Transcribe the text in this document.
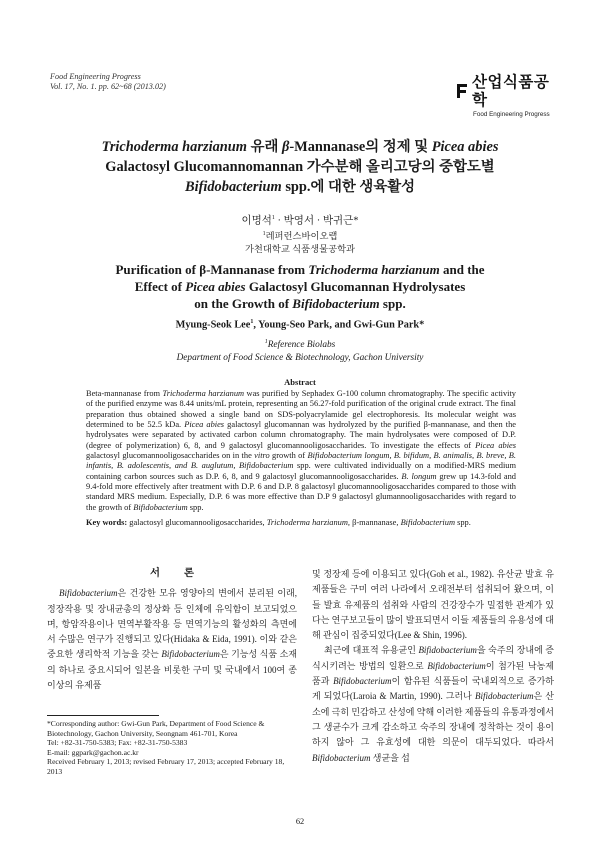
Food Engineering Progress
Vol. 17, No. 1. pp. 62~68 (2013.02)	산업식품공학
Food Engineering Progress
Trichoderma harzianum 유래 β-Mannanase의 정제 및 Picea abies
Galactosyl Glucomannomannan 가수분해 올리고당의 중합도별
Bifidobacterium spp.에 대한 생육활성
이명석$^1$ · 박영서 · 박귀근*
$^1$레퍼런스바이오랩
가천대학교 식품생물공학과
Purification of β-Mannanase from Trichoderma harzianum and the
Effect of Picea abies Galactosyl Glucomannan Hydrolysates
on the Growth of Bifidobacterium spp.
Myung-Seok Lee$^1$, Young-Seo Park, and Gwi-Gun Park*
$^1$Reference Biolabs
Department of Food Science & Biotechnology, Gachon University
Abstract
Beta-mannanase from Trichoderma harzianum was purified by Sephadex G-100 column chromatography. The specific activity of the purified enzyme was 8.44 units/mL protein, representing an 56.27-fold purification of the original crude extract. The final preparation thus obtained showed a single band on SDS-polyacrylamide gel electrophoresis. Its molecular weight was determined to be 52.5 kDa. Picea abies galactosyl glucomannan was hydrolyzed by the purified β-mannanase, and then the hydrolysates were separated by activated carbon column chromatography. The main hydrolysates were composed of D.P. (degree of polymerization) 6, 8, and 9 galactosyl glucomannooligosaccharides. To investigate the effects of Picea abies galactosyl glucomannooligosaccharides on in the vitro growth of Bifidobacterium longum, B. bifidum, B. animalis, B. breve, B. infantis, B. adolescentis, and B. auglutum, Bifidobacterium spp. were cultivated individually on a modified-MRS medium containing carbon sources such as D.P. 6, 8, and 9 galactosyl glucomannooligosaccharides. B. longum grew up 14.3-fold and 9.4-fold more effectively after treatment with D.P. 6 and D.P. 8 galactosyl glucomannooligosaccharides compared to those with standard MRS medium. Especially, D.P. 6 was more effective than D.P 9 galactosyl glumannooligosaccharides with regard to the growth of Bifidobacterium spp.
Key words: galactosyl glucomannooligosaccharides, Trichoderma harzianum, β-mannanase, Bifidobacterium spp.
서론

Bifidobacterium은 건강한 모유 영양아의 변에서 분리된 이래, 정장작용 및 장내균총의 정상화 등 인체에 유익함이 보고되었으며, 항암작용이나 면역부활작용 등 면역기능의 활성화의 측면에서 수많은 연구가 진행되고 있다(Hidaka & Eida, 1991). 이와 같은 중요한 생리학적 기능을 갖는 Bifidobacterium은 기능성 식품 소재의 하나로 중요시되어 일본을 비롯한 구미 및 국내에서 100여 종 이상의 유제품

*Corresponding author: Gwi-Gun Park, Department of Food Science & Biotechnology, Gachon University, Seongnam 461-701, Korea
Tel: +82-31-750-5383; Fax: +82-31-750-5383
E-mail: ggpark@gachon.ac.kr
Received February 1, 2013; revised February 17, 2013; accepted February 18, 2013

및 정장제 등에 이용되고 있다(Goh et al., 1982). 유산균 발효 유제품들은 구미 여러 나라에서 오래전부터 섭취되어 왔으며, 이들 발효 유제품의 섭취와 사람의 건강장수가 밀접한 관계가 있다는 연구보고들이 많이 발표되면서 이들 제품들의 유용성에 대해 관심이 집중되었다(Lee & Shin, 1996).

최근에 대표적 유용균인 Bifidobacterium을 숙주의 장내에 증식시키려는 방법의 일환으로 Bifidobacterium이 첨가된 낙농제품과 Bifidobacterium이 함유된 식품들이 국내외적으로 증가하게 되었다(Laroia & Martin, 1990). 그러나 Bifidobacterium은 산소에 극히 민감하고 산성에 약해 이러한 제품들의 유통과정에서 그 생균수가 크게 감소하고 숙주의 장내에 정착하는 것이 용이하지 않아 그 유효성에 대한 의문이 대두되었다. 따라서 Bifidobacterium 생균을 섭

62
